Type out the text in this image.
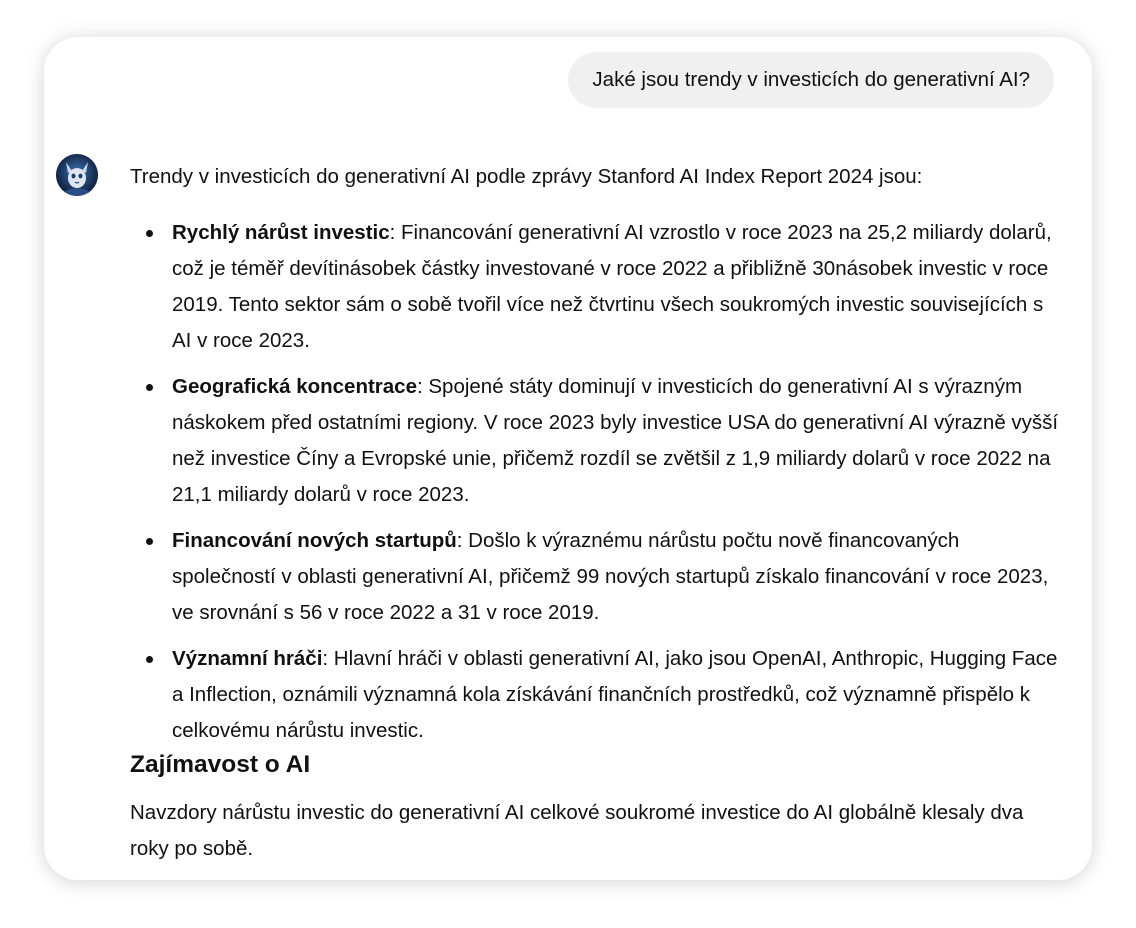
Jaké jsou trendy v investicích do generativní AI?

Trendy v investicích do generativní AI podle zprávy Stanford AI Index Report 2024 jsou:

Rychlý nárůst investic: Financování generativní AI vzrostlo v roce 2023 na 25,2 miliardy dolarů, což je téměř devítinásobek částky investované v roce 2022 a přibližně 30násobek investic v roce 2019. Tento sektor sám o sobě tvořil více než čtvrtinu všech soukromých investic souvisejících s AI v roce 2023.
Geografická koncentrace: Spojené státy dominují v investicích do generativní AI s výrazným náskokem před ostatními regiony. V roce 2023 byly investice USA do generativní AI výrazně vyšší než investice Číny a Evropské unie, přičemž rozdíl se zvětšil z 1,9 miliardy dolarů v roce 2022 na 21,1 miliardy dolarů v roce 2023.
Financování nových startupů: Došlo k výraznému nárůstu počtu nově financovaných společností v oblasti generativní AI, přičemž 99 nových startupů získalo financování v roce 2023, ve srovnání s 56 v roce 2022 a 31 v roce 2019.
Významní hráči: Hlavní hráči v oblasti generativní AI, jako jsou OpenAI, Anthropic, Hugging Face a Inflection, oznámili významná kola získávání finančních prostředků, což významně přispělo k celkovému nárůstu investic.
Zajímavost o AI

Navzdory nárůstu investic do generativní AI celkové soukromé investice do AI globálně klesaly dva roky po sobě.
